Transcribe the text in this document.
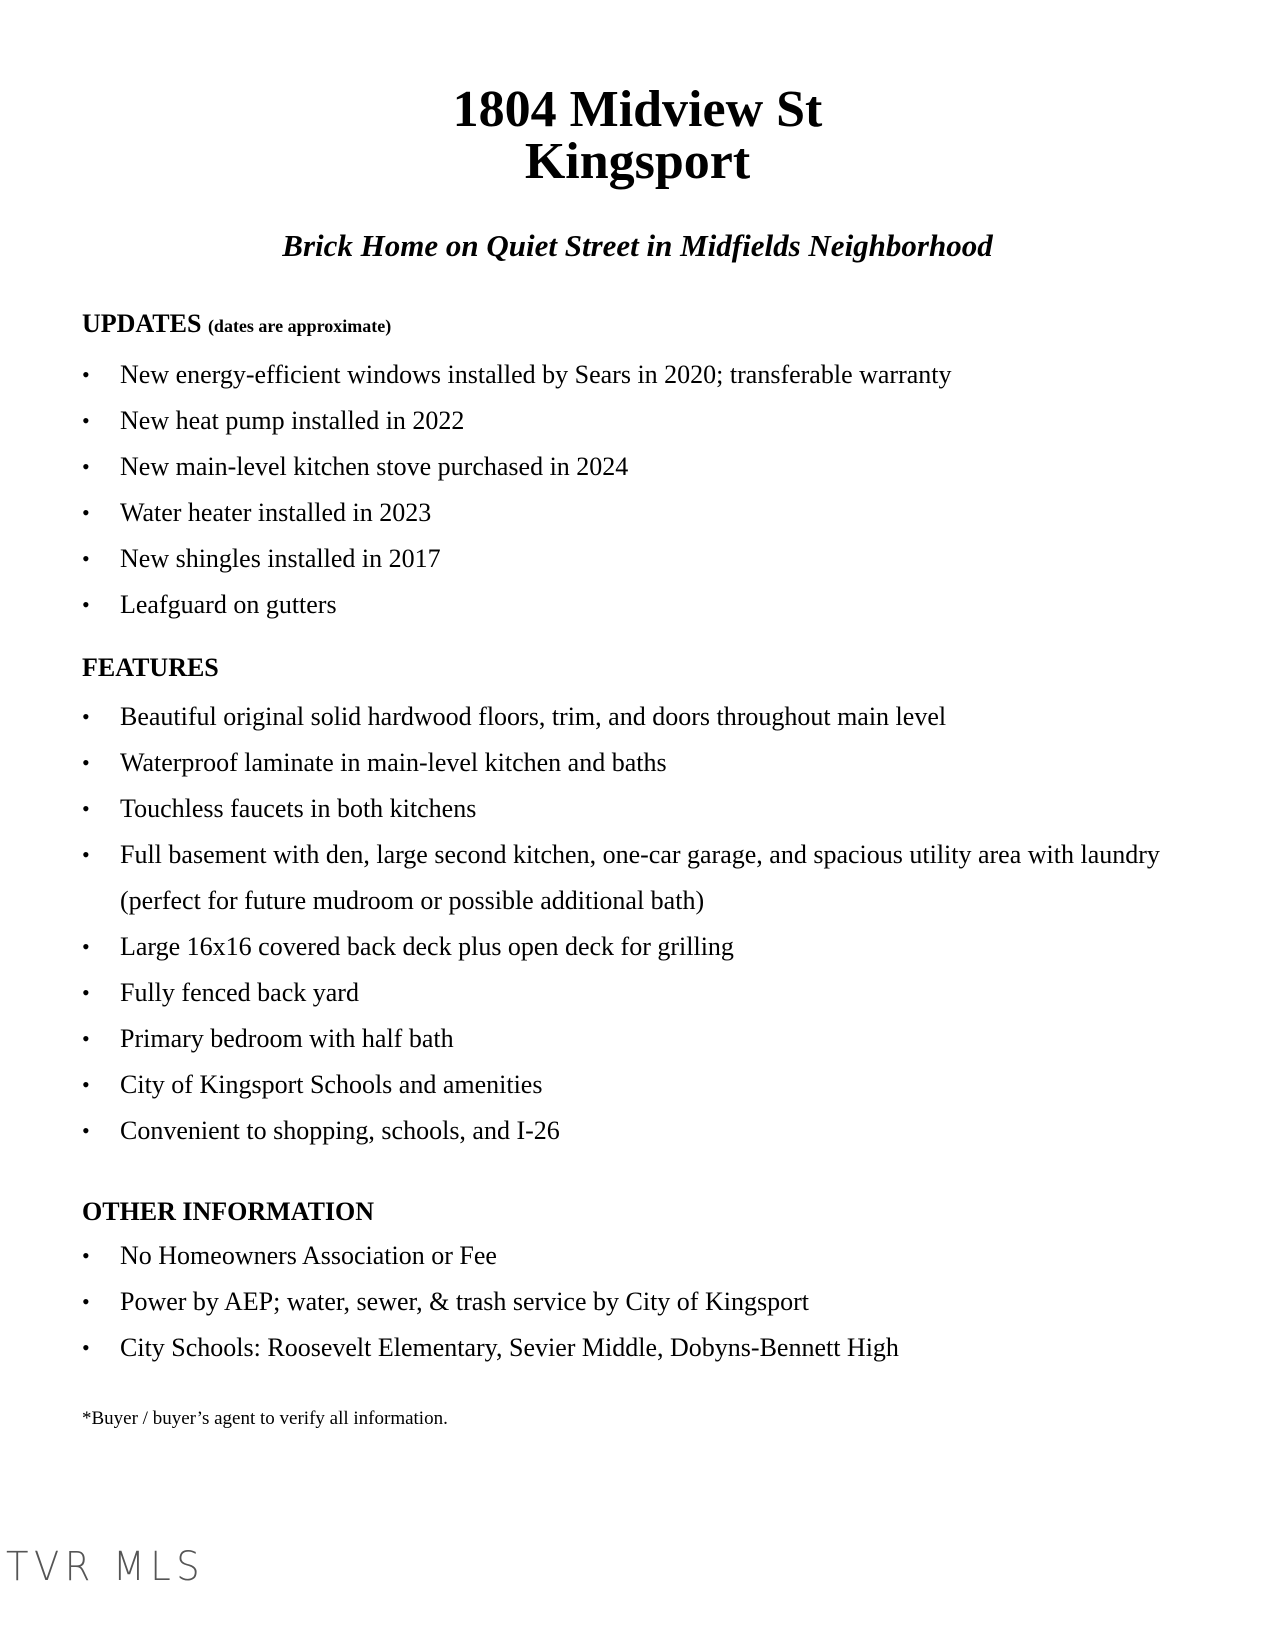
1804 Midview St
Kingsport
Brick Home on Quiet Street in Midfields Neighborhood

UPDATES (dates are approximate)

• New energy-efficient windows installed by Sears in 2020; transferable warranty
• New heat pump installed in 2022
• New main-level kitchen stove purchased in 2024
• Water heater installed in 2023
• New shingles installed in 2017
• Leafguard on gutters

FEATURES

• Beautiful original solid hardwood floors, trim, and doors throughout main level
• Waterproof laminate in main-level kitchen and baths
• Touchless faucets in both kitchens
• Full basement with den, large second kitchen, one-car garage, and spacious utility area with laundry (perfect for future mudroom or possible additional bath)
• Large 16x16 covered back deck plus open deck for grilling
• Fully fenced back yard
• Primary bedroom with half bath
• City of Kingsport Schools and amenities
• Convenient to shopping, schools, and I-26

OTHER INFORMATION

• No Homeowners Association or Fee
• Power by AEP; water, sewer, & trash service by City of Kingsport
• City Schools: Roosevelt Elementary, Sevier Middle, Dobyns-Bennett High
*Buyer / buyer’s agent to verify all information.
TVR MLS
